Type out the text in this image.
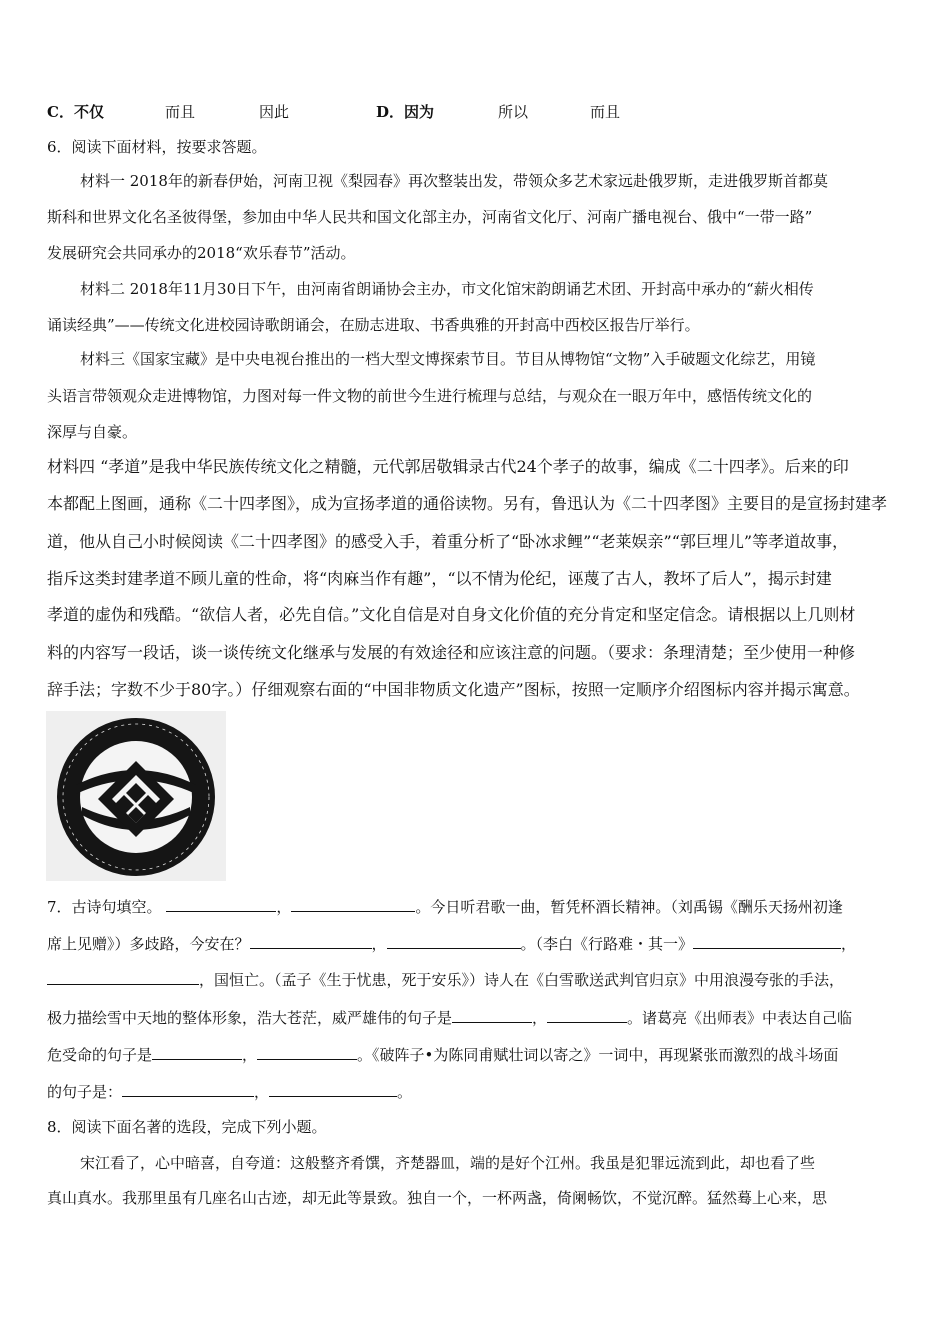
C．不仅	而且	因此	D．因为	所以	而且
6．阅读下面材料，按要求答题。
材料一 2018年的新春伊始，河南卫视《梨园春》再次整装出发，带领众多艺术家远赴俄罗斯，走进俄罗斯首都莫
斯科和世界文化名圣彼得堡，参加由中华人民共和国文化部主办，河南省文化厅、河南广播电视台、俄中“一带一路”
发展研究会共同承办的2018“欢乐春节”活动。
材料二 2018年11月30日下午，由河南省朗诵协会主办，市文化馆宋韵朗诵艺术团、开封高中承办的“薪火相传
诵读经典”——传统文化进校园诗歌朗诵会，在励志进取、书香典雅的开封高中西校区报告厅举行。
材料三《国家宝藏》是中央电视台推出的一档大型文博探索节目。节目从博物馆“文物”入手破题文化综艺，用镜
头语言带领观众走进博物馆，力图对每一件文物的前世今生进行梳理与总结，与观众在一眼万年中，感悟传统文化的
深厚与自豪。
材料四 “孝道”是我中华民族传统文化之精髓，元代郭居敬辑录古代24个孝子的故事，编成《二十四孝》。后来的印
本都配上图画，通称《二十四孝图》，成为宣扬孝道的通俗读物。另有，鲁迅认为《二十四孝图》主要目的是宣扬封建孝
道，他从自己小时候阅读《二十四孝图》的感受入手，着重分析了“卧冰求鲤”“老莱娱亲”“郭巨埋儿”等孝道故事，
指斥这类封建孝道不顾儿童的性命，将“肉麻当作有趣”，“以不情为伦纪，诬蔑了古人，教坏了后人”，揭示封建
孝道的虚伪和残酷。“欲信人者，必先自信。”文化自信是对自身文化价值的充分肯定和坚定信念。请根据以上几则材
料的内容写一段话，谈一谈传统文化继承与发展的有效途径和应该注意的问题。（要求：条理清楚；至少使用一种修
辞手法；字数不少于80字。）仔细观察右面的“中国非物质文化遗产”图标，按照一定顺序介绍图标内容并揭示寓意。
7．古诗句填空。	，	。今日听君歌一曲，暂凭杯酒长精神。（刘禹锡《酬乐天扬州初逢
席上见赠》）多歧路，今安在？	，	。（李白《行路难・其一》	，
，国恒亡。（孟子《生于忧患，死于安乐》）诗人在《白雪歌送武判官归京》中用浪漫夸张的手法，
极力描绘雪中天地的整体形象，浩大苍茫，威严雄伟的句子是	，	。诸葛亮《出师表》中表达自己临
危受命的句子是	，	。《破阵子•为陈同甫赋壮词以寄之》一词中，再现紧张而激烈的战斗场面
的句子是：	，	。
8．阅读下面名著的选段，完成下列小题。
宋江看了，心中暗喜，自夸道：这般整齐肴馔，齐楚器皿，端的是好个江州。我虽是犯罪远流到此，却也看了些
真山真水。我那里虽有几座名山古迹，却无此等景致。独自一个，一杯两盏，倚阑畅饮，不觉沉醉。猛然蓦上心来，思
